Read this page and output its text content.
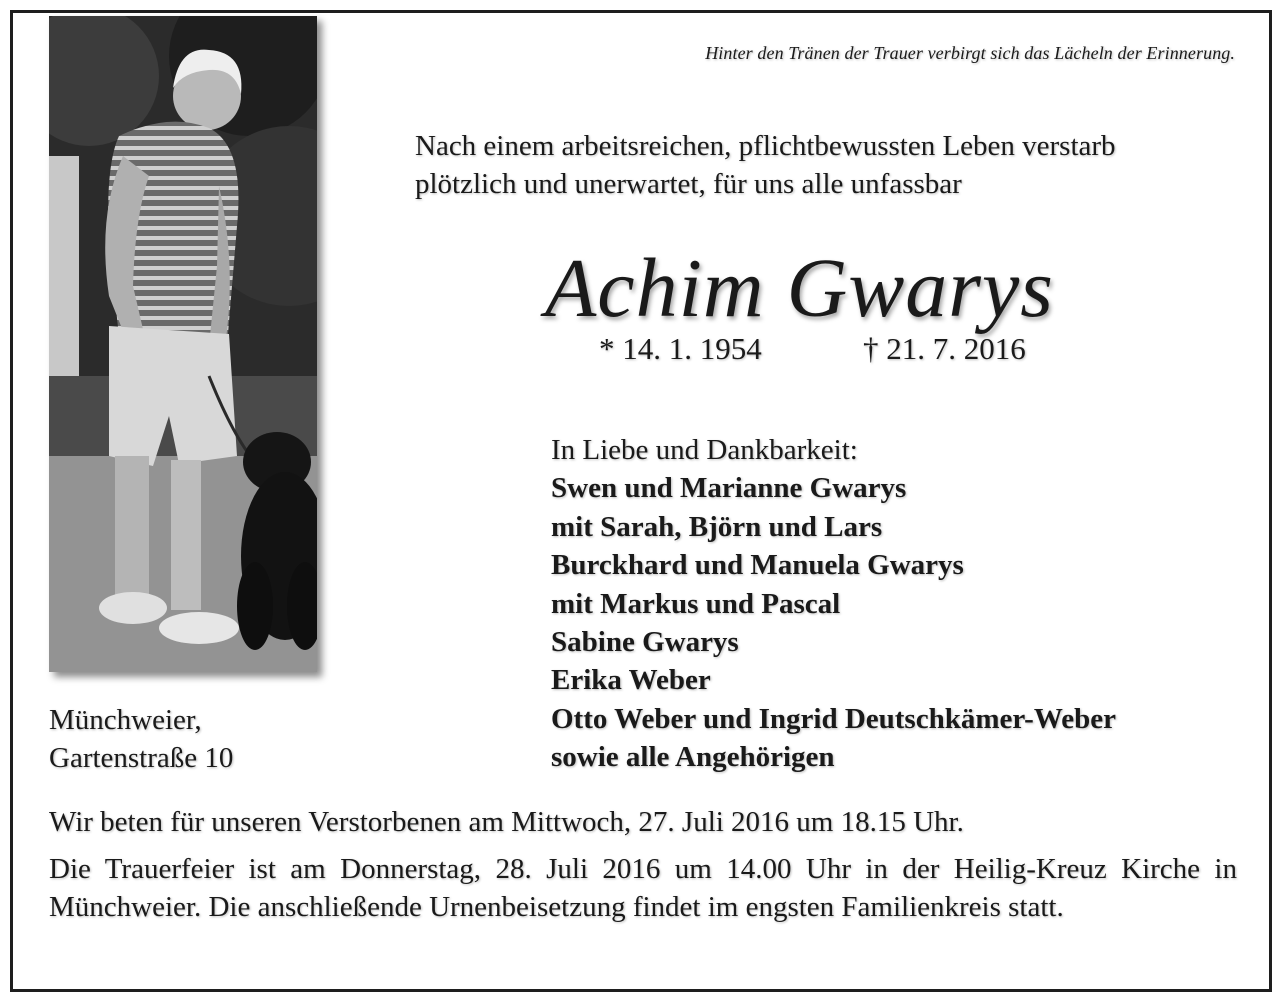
Hinter den Tränen der Trauer verbirgt sich das Lächeln der Erinnerung.
Nach einem arbeitsreichen, pflichtbewussten Leben verstarb
plötzlich und unerwartet, für uns alle unfassbar
Achim Gwarys
* 14. 1. 1954	† 21. 7. 2016
In Liebe und Dankbarkeit:
Swen und Marianne Gwarys
mit Sarah, Björn und Lars
Burckhard und Manuela Gwarys
mit Markus und Pascal
Sabine Gwarys
Erika Weber
Otto Weber und Ingrid Deutschkämer-Weber
sowie alle Angehörigen
Münchweier,
Gartenstraße 10
Wir beten für unseren Verstorbenen am Mittwoch, 27. Juli 2016 um 18.15 Uhr.
Die Trauerfeier ist am Donnerstag, 28. Juli 2016 um 14.00 Uhr in der Heilig-Kreuz Kirche in Münchweier. Die anschließende Urnenbeisetzung findet im engsten Familienkreis statt.
